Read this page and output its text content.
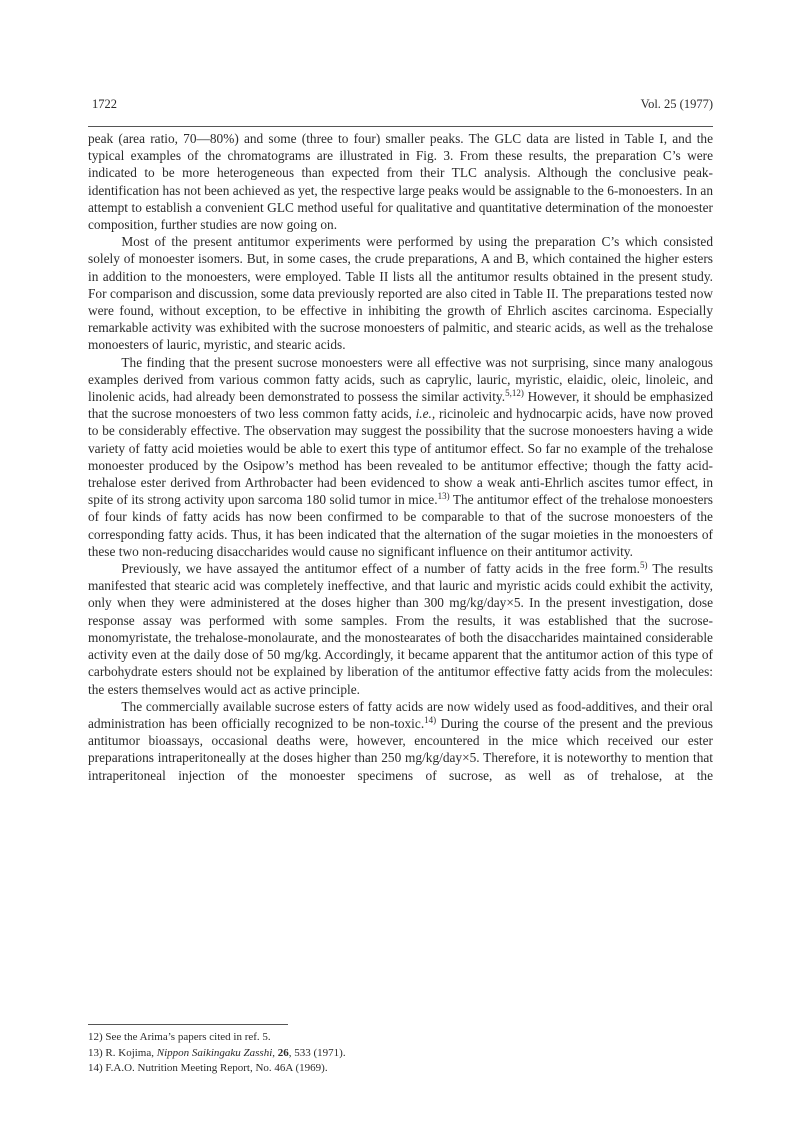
1722	Vol. 25 (1977)

peak (area ratio, 70—80%) and some (three to four) smaller peaks. The GLC data are listed in Table I, and the typical examples of the chromatograms are illustrated in Fig. 3. From these results, the preparation C’s were indicated to be more heterogeneous than expected from their TLC analysis. Although the conclusive peak-identification has not been achieved as yet, the respective large peaks would be assignable to the 6-monoesters. In an attempt to establish a convenient GLC method useful for qualitative and quantitative determination of the monoester composition, further studies are now going on.

Most of the present antitumor experiments were performed by using the preparation C’s which consisted solely of monoester isomers. But, in some cases, the crude preparations, A and B, which contained the higher esters in addition to the monoesters, were employed. Table II lists all the antitumor results obtained in the present study. For comparison and discussion, some data previously reported are also cited in Table II. The preparations tested now were found, without exception, to be effective in inhibiting the growth of Ehrlich ascites carcinoma. Especially remarkable activity was exhibited with the sucrose monoesters of palmitic, and stearic acids, as well as the trehalose monoesters of lauric, myristic, and stearic acids.

The finding that the present sucrose monoesters were all effective was not surprising, since many analogous examples derived from various common fatty acids, such as caprylic, lauric, myristic, elaidic, oleic, linoleic, and linolenic acids, had already been demonstrated to possess the similar activity.$^{5,12)}$ However, it should be emphasized that the sucrose monoesters of two less common fatty acids, i.e., ricinoleic and hydnocarpic acids, have now proved to be considerably effective. The observation may suggest the possibility that the sucrose monoesters having a wide variety of fatty acid moieties would be able to exert this type of antitumor effect. So far no example of the trehalose monoester produced by the Osipow’s method has been revealed to be antitumor effective; though the fatty acid-trehalose ester derived from Arthrobacter had been evidenced to show a weak anti-Ehrlich ascites tumor effect, in spite of its strong activity upon sarcoma 180 solid tumor in mice.$^{13)}$ The antitumor effect of the trehalose monoesters of four kinds of fatty acids has now been confirmed to be comparable to that of the sucrose monoesters of the corresponding fatty acids. Thus, it has been indicated that the alternation of the sugar moieties in the monoesters of these two non-reducing disaccharides would cause no significant influence on their antitumor activity.

Previously, we have assayed the antitumor effect of a number of fatty acids in the free form.$^{5)}$ The results manifested that stearic acid was completely ineffective, and that lauric and myristic acids could exhibit the activity, only when they were administered at the doses higher than 300 mg/kg/day×5. In the present investigation, dose response assay was performed with some samples. From the results, it was established that the sucrose-monomyristate, the trehalose-monolaurate, and the monostearates of both the disaccharides maintained considerable activity even at the daily dose of 50 mg/kg. Accordingly, it became apparent that the antitumor action of this type of carbohydrate esters should not be explained by liberation of the antitumor effective fatty acids from the molecules: the esters themselves would act as active principle.

The commercially available sucrose esters of fatty acids are now widely used as food-additives, and their oral administration has been officially recognized to be non-toxic.$^{14)}$ During the course of the present and the previous antitumor bioassays, occasional deaths were, however, encountered in the mice which received our ester preparations intraperitoneally at the doses higher than 250 mg/kg/day×5. Therefore, it is noteworthy to mention that intraperitoneal injection of the monoester specimens of sucrose, as well as of trehalose, at the

12) See the Arima’s papers cited in ref. 5.
13) R. Kojima, Nippon Saikingaku Zasshi, 26, 533 (1971).
14) F.A.O. Nutrition Meeting Report, No. 46A (1969).
